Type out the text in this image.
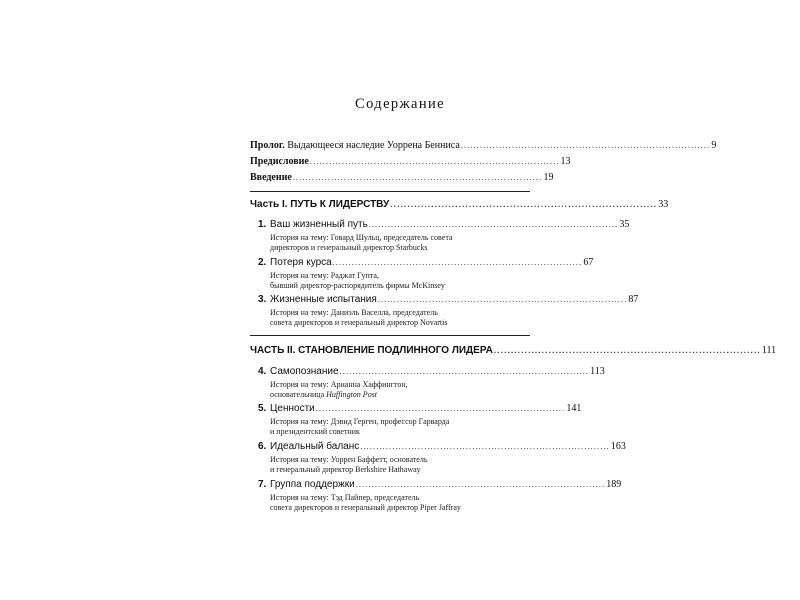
Содержание
Пролог. Выдающееся наследие Уоррена Бенниса .............................................................................. 9
Предисловие .............................................................................. 13
Введение .............................................................................. 19
Часть I. ПУТЬ К ЛИДЕРСТВУ .............................................................................. 33
1. Ваш жизненный путь .............................................................................. 35
История на тему: Говард Шульц, председатель совета
директоров и генеральный директор Starbucks
2. Потеря курса .............................................................................. 67
История на тему: Раджат Гупта,
бывший директор-распорядитель фирмы McKinsey
3. Жизненные испытания .............................................................................. 87
История на тему: Даниэль Васелла, председатель
совета директоров и генеральный директор Novartis
ЧАСТЬ II. СТАНОВЛЕНИЕ ПОДЛИННОГО ЛИДЕРА .............................................................................. 111
4. Самопознание .............................................................................. 113
История на тему: Арианна Хаффингтон,
основательница Huffington Post
5. Ценности .............................................................................. 141
История на тему: Дэвид Герген, профессор Гарварда
и президентский советник
6. Идеальный баланс .............................................................................. 163
История на тему: Уоррен Баффетт, основатель
и генеральный директор Berkshire Hathaway
7. Группа поддержки .............................................................................. 189
История на тему: Тэд Пайпер, председатель
совета директоров и генеральный директор Piper Jaffray
